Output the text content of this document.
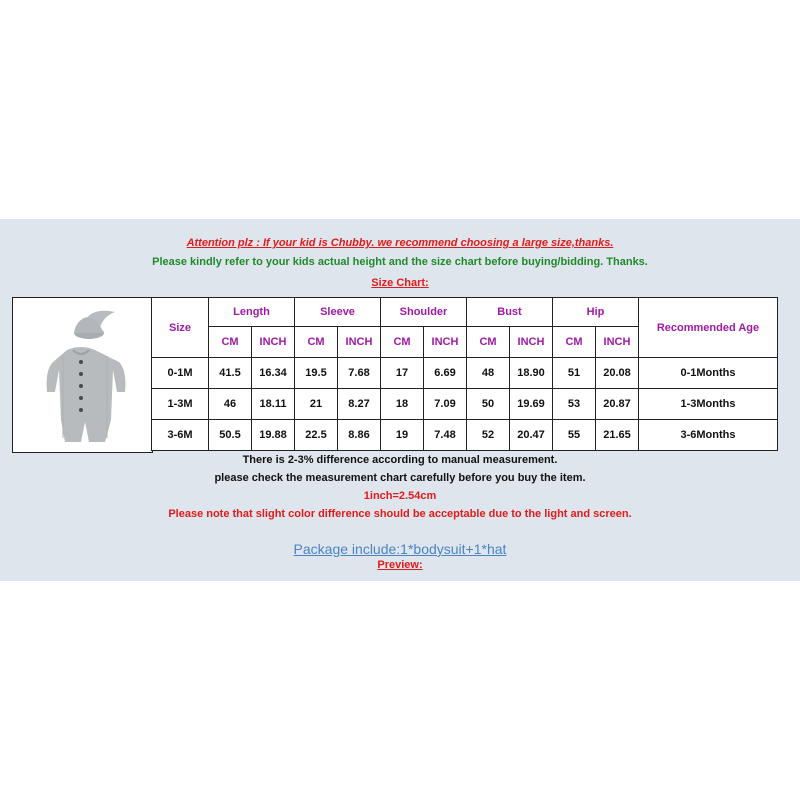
Attention plz : If your kid is Chubby. we recommend choosing a large size,thanks.
Please kindly refer to your kids actual height and the size chart before buying/bidding. Thanks.
Size Chart:
Size	Length		Sleeve		Shoulder		Bust		Hip		Recommended Age
	CM	INCH	CM	INCH	CM	INCH	CM	INCH	CM	INCH	
0-1M	41.5	16.34	19.5	7.68	17	6.69	48	18.90	51	20.08	0-1Months
1-3M	46	18.11	21	8.27	18	7.09	50	19.69	53	20.87	1-3Months
3-6M	50.5	19.88	22.5	8.86	19	7.48	52	20.47	55	21.65	3-6Months
There is 2-3% difference according to manual measurement.
please check the measurement chart carefully before you buy the item.
1inch=2.54cm
Please note that slight color difference should be acceptable due to the light and screen.
Package include:1*bodysuit+1*hat
Preview:
